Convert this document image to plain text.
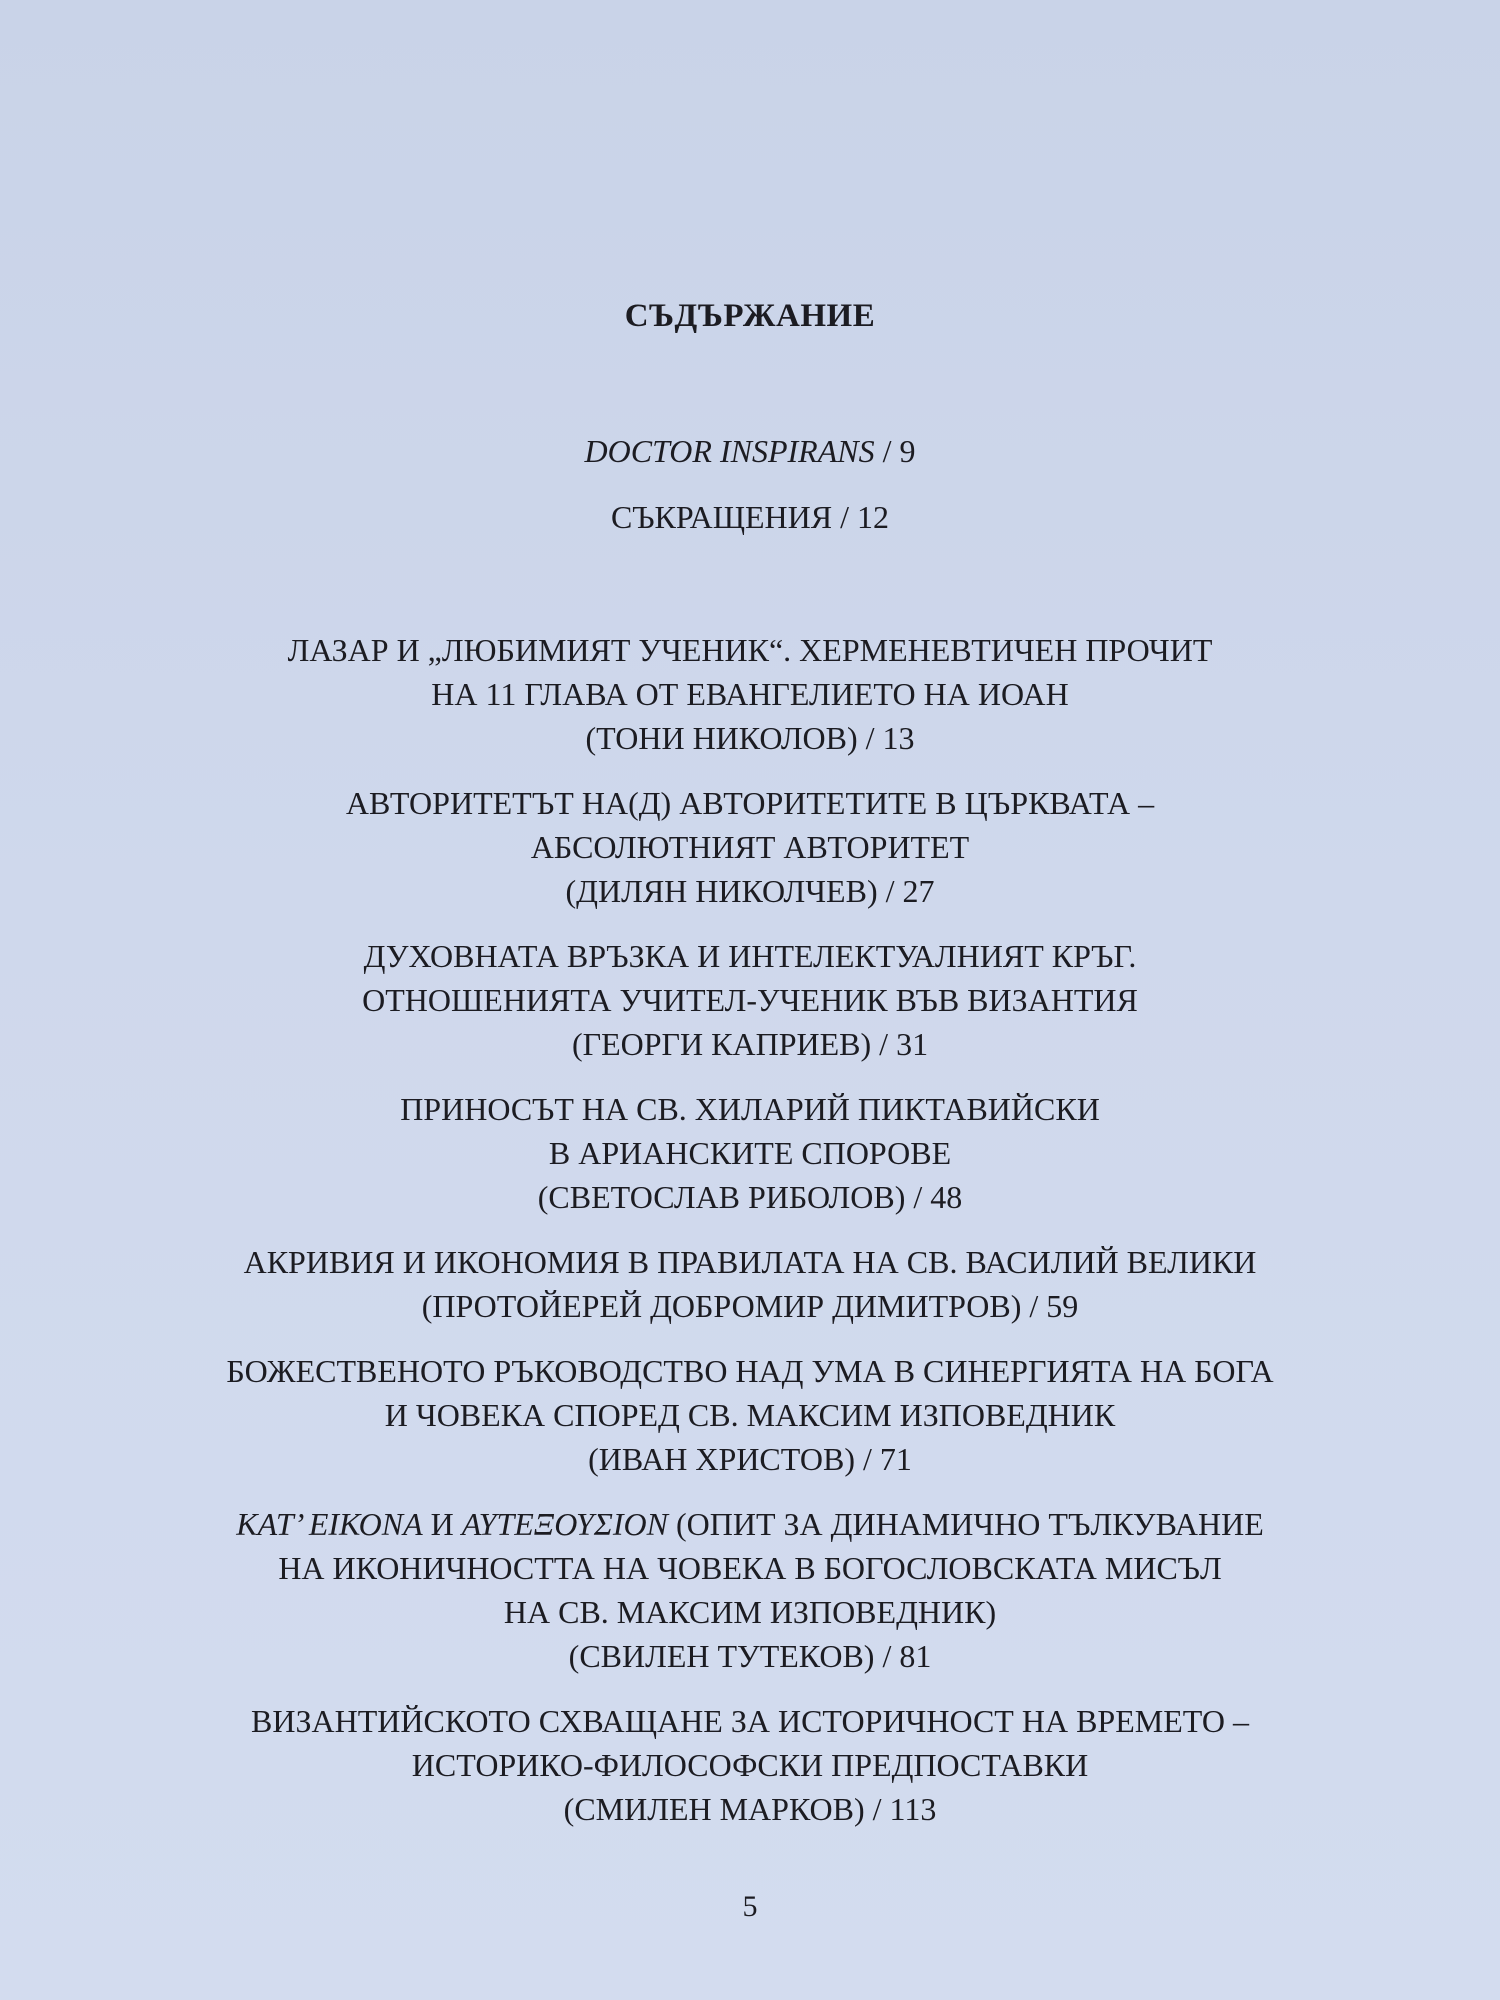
СЪДЪРЖАНИЕ
DOCTOR INSPIRANS / 9
СЪКРАЩЕНИЯ / 12
ЛАЗАР И „ЛЮБИМИЯТ УЧЕНИК“. ХЕРМЕНЕВТИЧЕН ПРОЧИТ
НА 11 ГЛАВА ОТ ЕВАНГЕЛИЕТО НА ИОАН
(ТОНИ НИКОЛОВ) / 13
АВТОРИТЕТЪТ НА(Д) АВТОРИТЕТИТЕ В ЦЪРКВАТА –
АБСОЛЮТНИЯТ АВТОРИТЕТ
(ДИЛЯН НИКОЛЧЕВ) / 27
ДУХОВНАТА ВРЪЗКА И ИНТЕЛЕКТУАЛНИЯТ КРЪГ.
ОТНОШЕНИЯТА УЧИТЕЛ-УЧЕНИК ВЪВ ВИЗАНТИЯ
(ГЕОРГИ КАПРИЕВ) / 31
ПРИНОСЪТ НА СВ. ХИЛАРИЙ ПИКТАВИЙСКИ
В АРИАНСКИТЕ СПОРОВЕ
(СВЕТОСЛАВ РИБОЛОВ) / 48
АКРИВИЯ И ИКОНОМИЯ В ПРАВИЛАТА НА СВ. ВАСИЛИЙ ВЕЛИКИ
(ПРОТОЙЕРЕЙ ДОБРОМИР ДИМИТРОВ) / 59
БОЖЕСТВЕНОТО РЪКОВОДСТВО НАД УМА В СИНЕРГИЯТА НА БОГА
И ЧОВЕКА СПОРЕД СВ. МАКСИМ ИЗПОВЕДНИК
(ИВАН ХРИСТОВ) / 71
ΚΑΤ’ ΕΙΚΟΝΑ И ΑΥΤΕΞΟΥΣΙΟΝ (ОПИТ ЗА ДИНАМИЧНО ТЪЛКУВАНИЕ
НА ИКОНИЧНОСТТА НА ЧОВЕКА В БОГОСЛОВСКАТА МИСЪЛ
НА СВ. МАКСИМ ИЗПОВЕДНИК)
(СВИЛЕН ТУТЕКОВ) / 81
ВИЗАНТИЙСКОТО СХВАЩАНЕ ЗА ИСТОРИЧНОСТ НА ВРЕМЕТО –
ИСТОРИКО-ФИЛОСОФСКИ ПРЕДПОСТАВКИ
(СМИЛЕН МАРКОВ) / 113
5
